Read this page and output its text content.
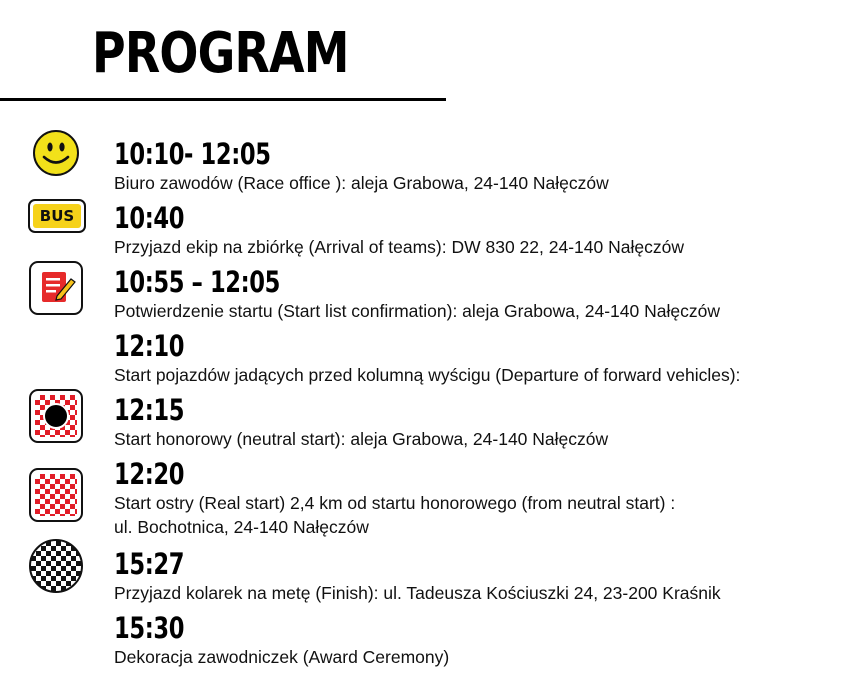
PROGRAM
10:10- 12:05
Biuro zawodów (Race office ): aleja Grabowa, 24-140 Nałęczów
BUS 10:40
Przyjazd ekip na zbiórkę (Arrival of teams): DW 830 22, 24-140 Nałęczów
10:55 – 12:05
Potwierdzenie startu (Start list confirmation): aleja Grabowa, 24-140 Nałęczów
12:10
Start pojazdów jadących przed kolumną wyścigu (Departure of forward vehicles):
12:15
Start honorowy (neutral start): aleja Grabowa, 24-140 Nałęczów
12:20
Start ostry (Real start) 2,4 km od startu honorowego (from neutral start) :
ul. Bochotnica, 24-140 Nałęczów
15:27
Przyjazd kolarek na metę (Finish): ul. Tadeusza Kościuszki 24, 23-200 Kraśnik
15:30
Dekoracja zawodniczek (Award Ceremony)
